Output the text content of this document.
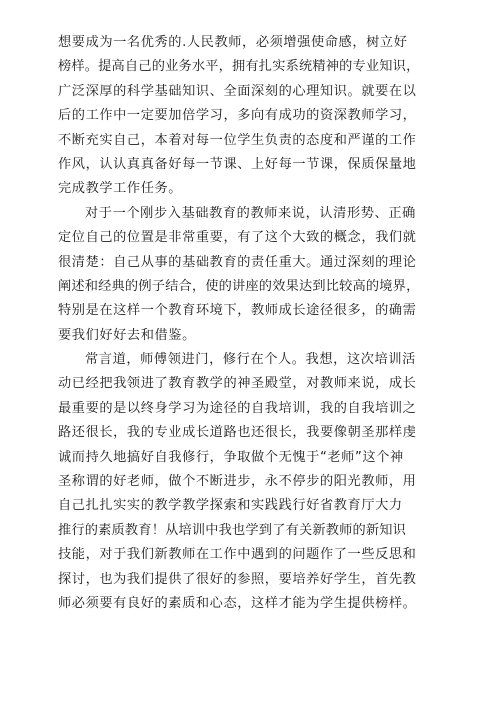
想要成为一名优秀的.人民教师，必须增强使命感，树立好
榜样。提高自己的业务水平，拥有扎实系统精神的专业知识，
广泛深厚的科学基础知识、全面深刻的心理知识。就要在以
后的工作中一定要加倍学习，多向有成功的资深教师学习，
不断充实自己，本着对每一位学生负责的态度和严谨的工作
作风，认认真真备好每一节课、上好每一节课，保质保量地
完成教学工作任务。
对于一个刚步入基础教育的教师来说，认清形势、正确
定位自己的位置是非常重要，有了这个大致的概念，我们就
很清楚：自己从事的基础教育的责任重大。通过深刻的理论
阐述和经典的例子结合，使的讲座的效果达到比较高的境界，
特别是在这样一个教育环境下，教师成长途径很多，的确需
要我们好好去和借鉴。
常言道，师傅领进门，修行在个人。我想，这次培训活
动已经把我领进了教育教学的神圣殿堂，对教师来说，成长
最重要的是以终身学习为途径的自我培训，我的自我培训之
路还很长，我的专业成长道路也还很长，我要像朝圣那样虔
诚而持久地搞好自我修行，争取做个无愧于“老师”这个神
圣称谓的好老师，做个不断进步，永不停步的阳光教师，用
自己扎扎实实的教学教学探索和实践践行好省教育厅大力
推行的素质教育！从培训中我也学到了有关新教师的新知识
技能，对于我们新教师在工作中遇到的问题作了一些反思和
探讨，也为我们提供了很好的参照，要培养好学生，首先教
师必须要有良好的素质和心态，这样才能为学生提供榜样。
